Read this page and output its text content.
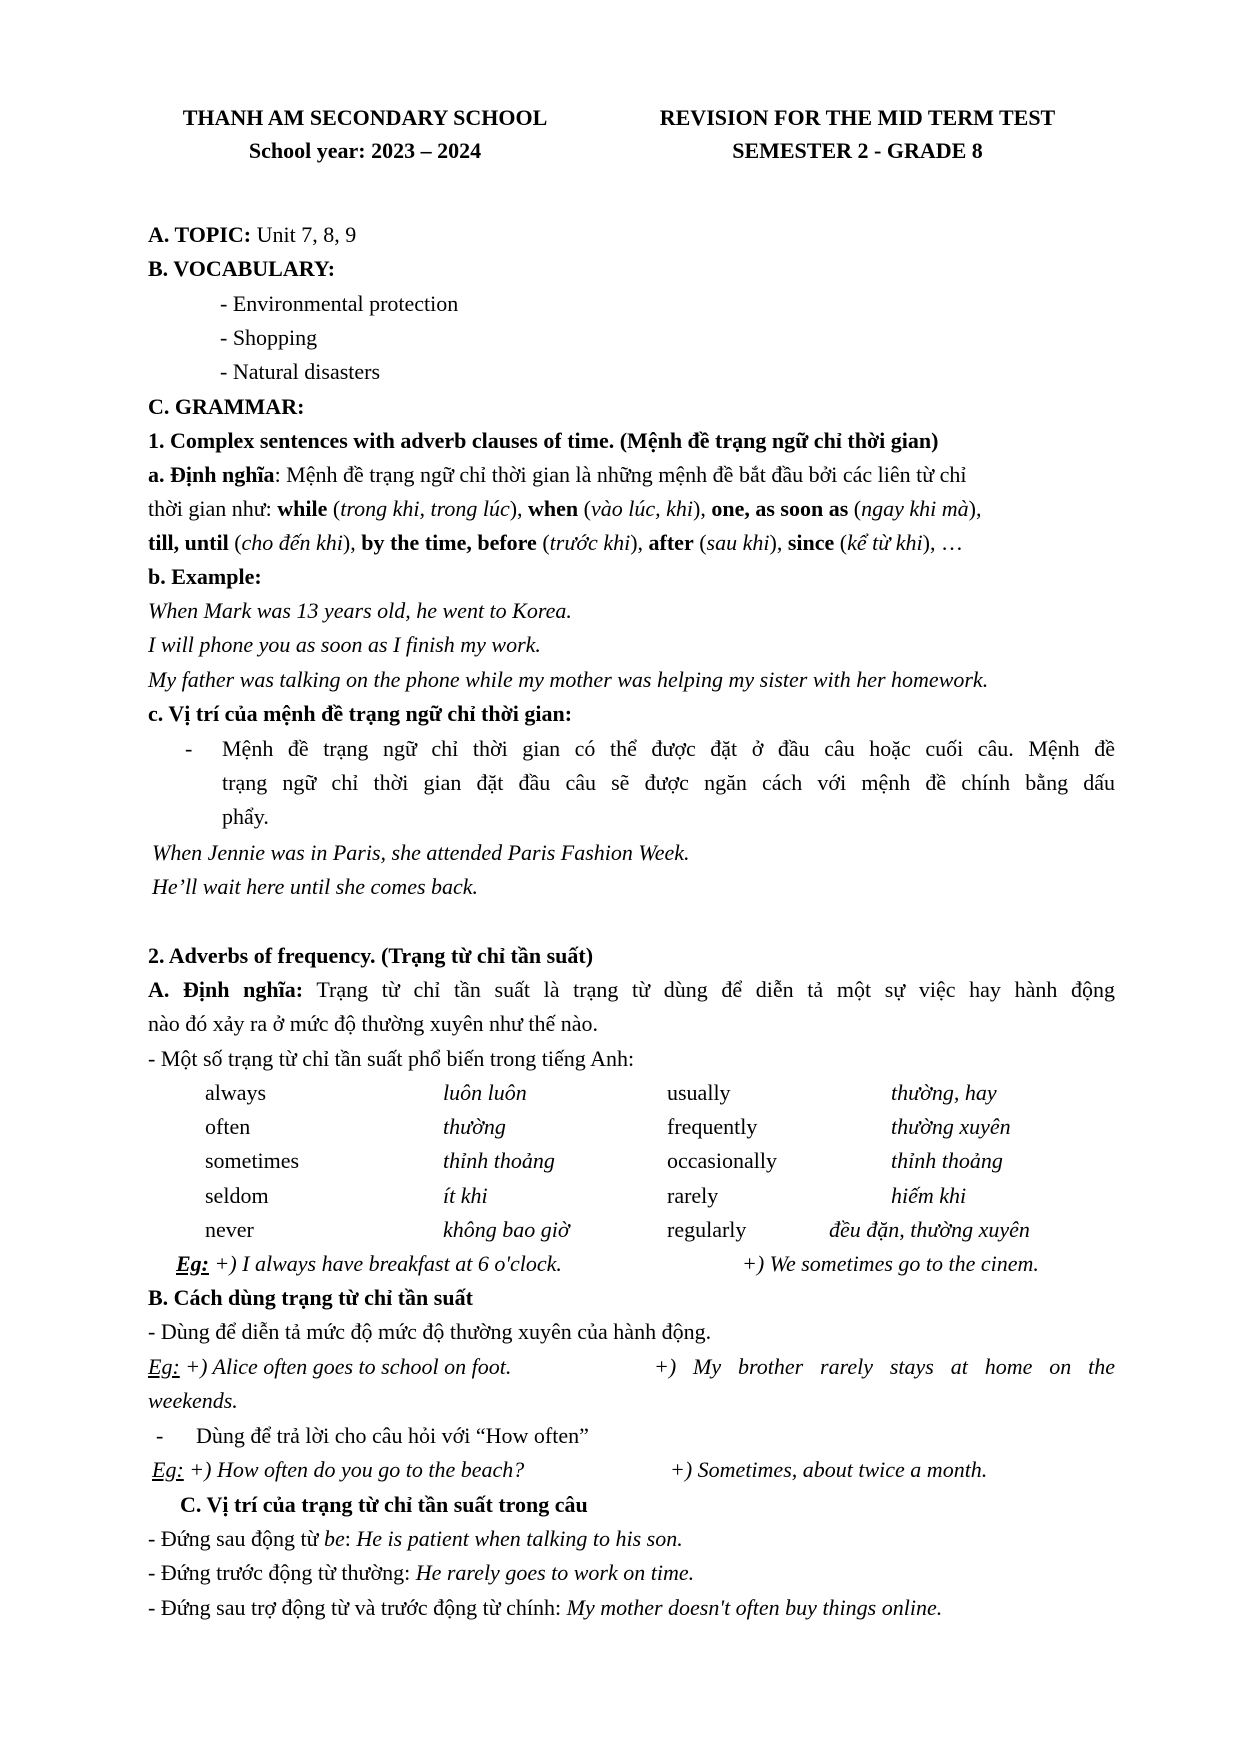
THANH AM SECONDARY SCHOOL
School year: 2023 – 2024
REVISION FOR THE MID TERM TEST
SEMESTER 2 - GRADE 8
A. TOPIC: Unit 7, 8, 9
B. VOCABULARY:
- Environmental protection
- Shopping
- Natural disasters
C. GRAMMAR:
1. Complex sentences with adverb clauses of time. (Mệnh đề trạng ngữ chỉ thời gian)
a. Định nghĩa: Mệnh đề trạng ngữ chỉ thời gian là những mệnh đề bắt đầu bởi các liên từ chỉ
thời gian như: while (trong khi, trong lúc), when (vào lúc, khi), one, as soon as (ngay khi mà),
till, until (cho đến khi), by the time, before (trước khi), after (sau khi), since (kể từ khi), …
b. Example:
When Mark was 13 years old, he went to Korea.
I will phone you as soon as I finish my work.
My father was talking on the phone while my mother was helping my sister with her homework.
c. Vị trí của mệnh đề trạng ngữ chỉ thời gian:
- Mệnh đề trạng ngữ chỉ thời gian có thể được đặt ở đầu câu hoặc cuối câu. Mệnh đề
trạng ngữ chỉ thời gian đặt đầu câu sẽ được ngăn cách với mệnh đề chính bằng dấu
phẩy.
When Jennie was in Paris, she attended Paris Fashion Week.
He’ll wait here until she comes back.
2. Adverbs of frequency. (Trạng từ chỉ tần suất)
A. Định nghĩa: Trạng từ chỉ tần suất là trạng từ dùng để diễn tả một sự việc hay hành động
nào đó xảy ra ở mức độ thường xuyên như thế nào.
- Một số trạng từ chỉ tần suất phổ biến trong tiếng Anh:
always	luôn luôn	usually	thường, hay
often	thường	frequently	thường xuyên
sometimes	thỉnh thoảng	occasionally	thỉnh thoảng
seldom	ít khi	rarely	hiếm khi
never	không bao giờ	regularly	đều đặn, thường xuyên
Eg: +) I always have breakfast at 6 o'clock.	+) We sometimes go to the cinem.
B. Cách dùng trạng từ chỉ tần suất
- Dùng để diễn tả mức độ mức độ thường xuyên của hành động.
Eg: +) Alice often goes to school on foot.	+) My brother rarely stays at home on the
weekends.
- Dùng để trả lời cho câu hỏi với “How often”
Eg: +) How often do you go to the beach?	+) Sometimes, about twice a month.
C. Vị trí của trạng từ chỉ tần suất trong câu
- Đứng sau động từ be: He is patient when talking to his son.
- Đứng trước động từ thường: He rarely goes to work on time.
- Đứng sau trợ động từ và trước động từ chính: My mother doesn't often buy things online.
